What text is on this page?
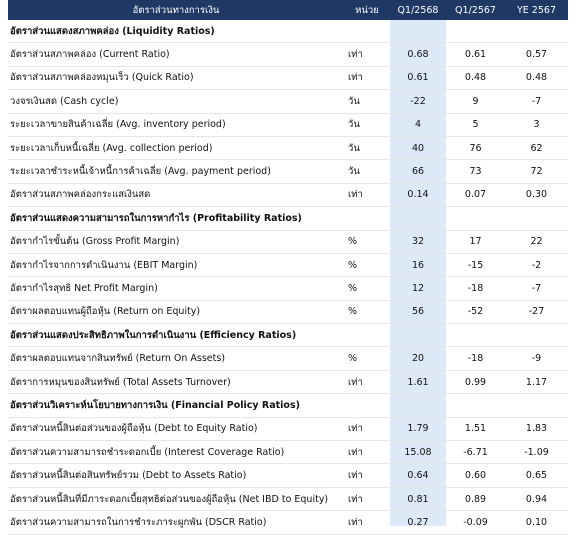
อัตราส่วนทางการเงิน	หน่วย	Q1/2568	Q1/2567	YE 2567
อัตราส่วนแสดงสภาพคล่อง (Liquidity Ratios)				
อัตราส่วนสภาพคล่อง (Current Ratio)	เท่า	0.68	0.61	0.57
อัตราส่วนสภาพคล่องหมุนเร็ว (Quick Ratio)	เท่า	0.61	0.48	0.48
วงจรเงินสด (Cash cycle)	วัน	-22	9	-7
ระยะเวลาขายสินค้าเฉลี่ย (Avg. inventory period)	วัน	4	5	3
ระยะเวลาเก็บหนี้เฉลี่ย (Avg. collection period)	วัน	40	76	62
ระยะเวลาชำระหนี้เจ้าหนี้การค้าเฉลี่ย (Avg. payment period)	วัน	66	73	72
อัตราส่วนสภาพคล่องกระแสเงินสด	เท่า	0.14	0.07	0.30
อัตราส่วนแสดงความสามารถในการหากำไร (Profitability Ratios)				
อัตรากำไรขั้นต้น (Gross Profit Margin)	%	32	17	22
อัตรากำไรจากการดำเนินงาน (EBIT Margin)	%	16	-15	-2
อัตรากำไรสุทธิ Net Profit Margin)	%	12	-18	-7
อัตราผลตอบแทนผู้ถือหุ้น (Return on Equity)	%	56	-52	-27
อัตราส่วนแสดงประสิทธิภาพในการดำเนินงาน (Efficiency Ratios)				
อัตราผลตอบแทนจากสินทรัพย์ (Return On Assets)	%	20	-18	-9
อัตราการหมุนของสินทรัพย์ (Total Assets Turnover)	เท่า	1.61	0.99	1.17
อัตราส่วนวิเคราะห์นโยบายทางการเงิน (Financial Policy Ratios)				
อัตราส่วนหนี้สินต่อส่วนของผู้ถือหุ้น (Debt to Equity Ratio)	เท่า	1.79	1.51	1.83
อัตราส่วนความสามารถชำระดอกเบี้ย (Interest Coverage Ratio)	เท่า	15.08	-6.71	-1.09
อัตราส่วนหนี้สินต่อสินทรัพย์รวม (Debt to Assets Ratio)	เท่า	0.64	0.60	0.65
อัตราส่วนหนี้สินที่มีภาระดอกเบี้ยสุทธิต่อส่วนของผู้ถือหุ้น (Net IBD to Equity)	เท่า	0.81	0.89	0.94
อัตราส่วนความสามารถในการชำระภาระผูกพัน (DSCR Ratio)	เท่า	0.27	-0.09	0.10
